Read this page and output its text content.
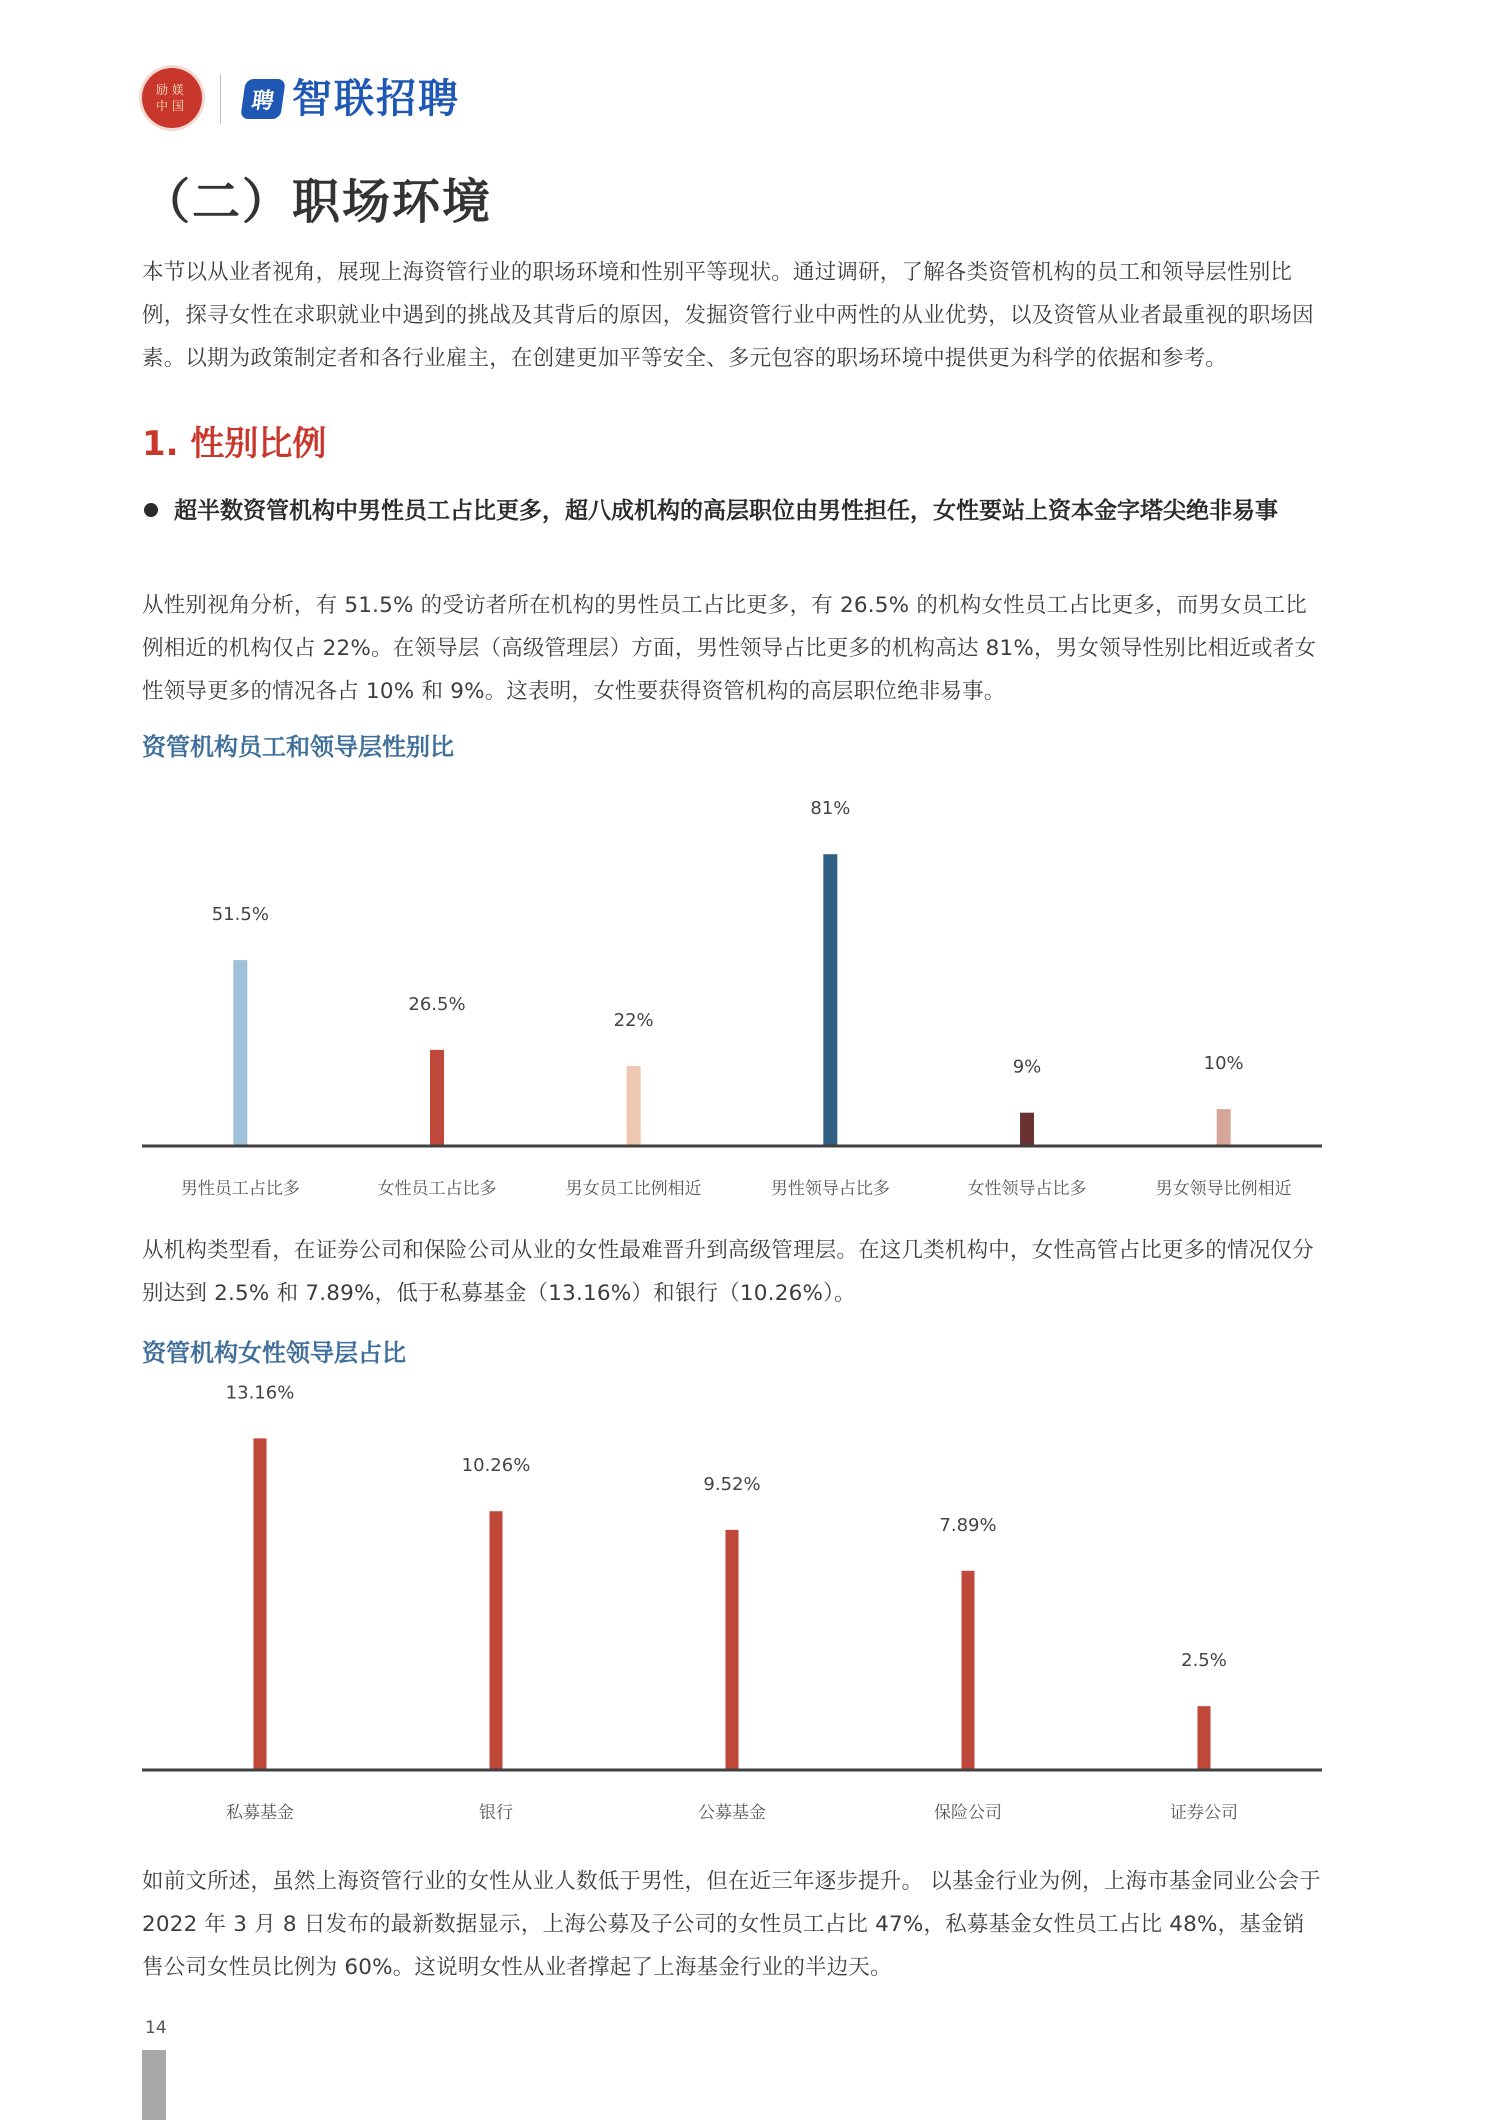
励媄中国	聘 智联招聘
（二）职场环境

本节以从业者视角，展现上海资管行业的职场环境和性别平等现状。通过调研，了解各类资管机构的员工和领导层性别比例，探寻女性在求职就业中遇到的挑战及其背后的原因，发掘资管行业中两性的从业优势，以及资管从业者最重视的职场因素。以期为政策制定者和各行业雇主，在创建更加平等安全、多元包容的职场环境中提供更为科学的依据和参考。

1. 性别比例

超半数资管机构中男性员工占比更多，超八成机构的高层职位由男性担任，女性要站上资本金字塔尖绝非易事

从性别视角分析，有 51.5% 的受访者所在机构的男性员工占比更多，有 26.5% 的机构女性员工占比更多，而男女员工比例相近的机构仅占 22%。在领导层（高级管理层）方面，男性领导占比更多的机构高达 81%，男女领导性别比相近或者女性领导更多的情况各占 10% 和 9%。这表明，女性要获得资管机构的高层职位绝非易事。

资管机构员工和领导层性别比
51.5%
男性员工占比多
26.5%
女性员工占比多
22%
男女员工比例相近
81%
男性领导占比多
9%
女性领导占比多
10%
男女领导比例相近

从机构类型看，在证券公司和保险公司从业的女性最难晋升到高级管理层。在这几类机构中，女性高管占比更多的情况仅分别达到 2.5% 和 7.89%，低于私募基金（13.16%）和银行（10.26%）。

资管机构女性领导层占比
13.16%
私募基金
10.26%
银行
9.52%
公募基金
7.89%
保险公司
2.5%
证券公司

如前文所述，虽然上海资管行业的女性从业人数低于男性，但在近三年逐步提升。 以基金行业为例，上海市基金同业公会于 2022 年 3 月 8 日发布的最新数据显示，上海公募及子公司的女性员工占比 47%，私募基金女性员工占比 48%，基金销售公司女性员比例为 60%。这说明女性从业者撑起了上海基金行业的半边天。

14
